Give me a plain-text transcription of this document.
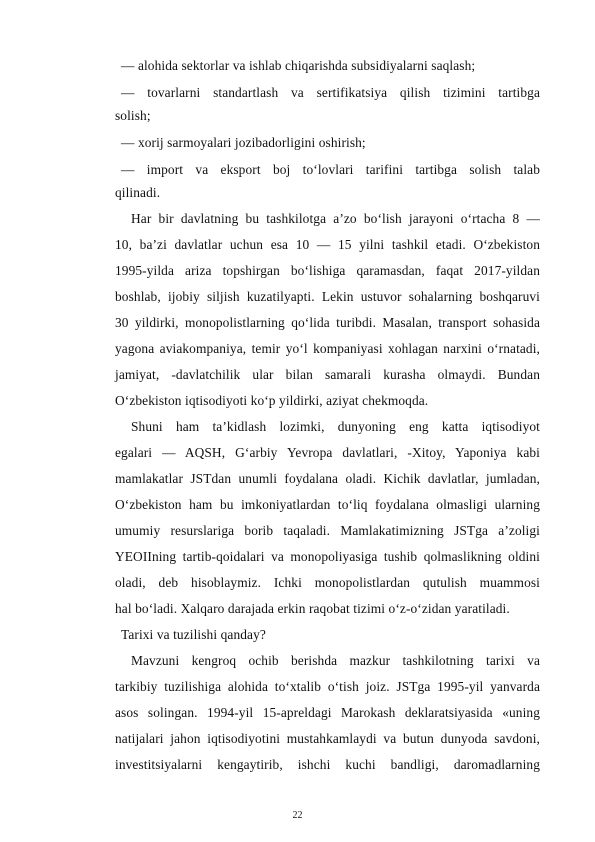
— alohida sektorlar va ishlab chiqarishda subsidiyalarni saqlash;
— tovarlarni standartlash va sertifikatsiya qilish tizimini tartibga
solish;
— xorij sarmoyalari jozibadorligini oshirish;
— import va eksport boj to‘lovlari tarifini tartibga solish talab
qilinadi.
Har bir davlatning bu tashkilotga a’zo bo‘lish jarayoni o‘rtacha 8 —
10, ba’zi davlatlar uchun esa 10 — 15 yilni tashkil etadi. O‘zbekiston
1995-yilda ariza topshirgan bo‘lishiga qaramasdan, faqat 2017-yildan
boshlab, ijobiy siljish kuzatilyapti. Lekin ustuvor sohalarning boshqaruvi
30 yildirki, monopolistlarning qo‘lida turibdi. Masalan, transport sohasida
yagona aviakompaniya, temir yo‘l kompaniyasi xohlagan narxini o‘rnatadi,
jamiyat, -davlatchilik ular bilan samarali kurasha olmaydi. Bundan
O‘zbekiston iqtisodiyoti ko‘p yildirki, aziyat chekmoqda.
Shuni ham ta’kidlash lozimki, dunyoning eng katta iqtisodiyot
egalari — AQSH, G‘arbiy Yevropa davlatlari, -Xitoy, Yaponiya kabi
mamlakatlar JSTdan unumli foydalana oladi. Kichik davlatlar, jumladan,
O‘zbekiston ham bu imkoniyatlardan to‘liq foydalana olmasligi ularning
umumiy resurslariga borib taqaladi. Mamlakatimizning JSTga a’zoligi
YEOIIning tartib-qoidalari va monopoliyasiga tushib qolmaslikning oldini
oladi, deb hisoblaymiz. Ichki monopolistlardan qutulish muammosi
hal bo‘ladi. Xalqaro darajada erkin raqobat tizimi o‘z-o‘zidan yaratiladi.
Tarixi va tuzilishi qanday?
Mavzuni kengroq ochib berishda mazkur tashkilotning tarixi va
tarkibiy tuzilishiga alohida to‘xtalib o‘tish joiz. JSTga 1995-yil yanvarda
asos solingan. 1994-yil 15-apreldagi Marokash deklaratsiyasida «uning
natijalari jahon iqtisodiyotini mustahkamlaydi va butun dunyoda savdoni,
investitsiyalarni kengaytirib, ishchi kuchi bandligi, daromadlarning
22
